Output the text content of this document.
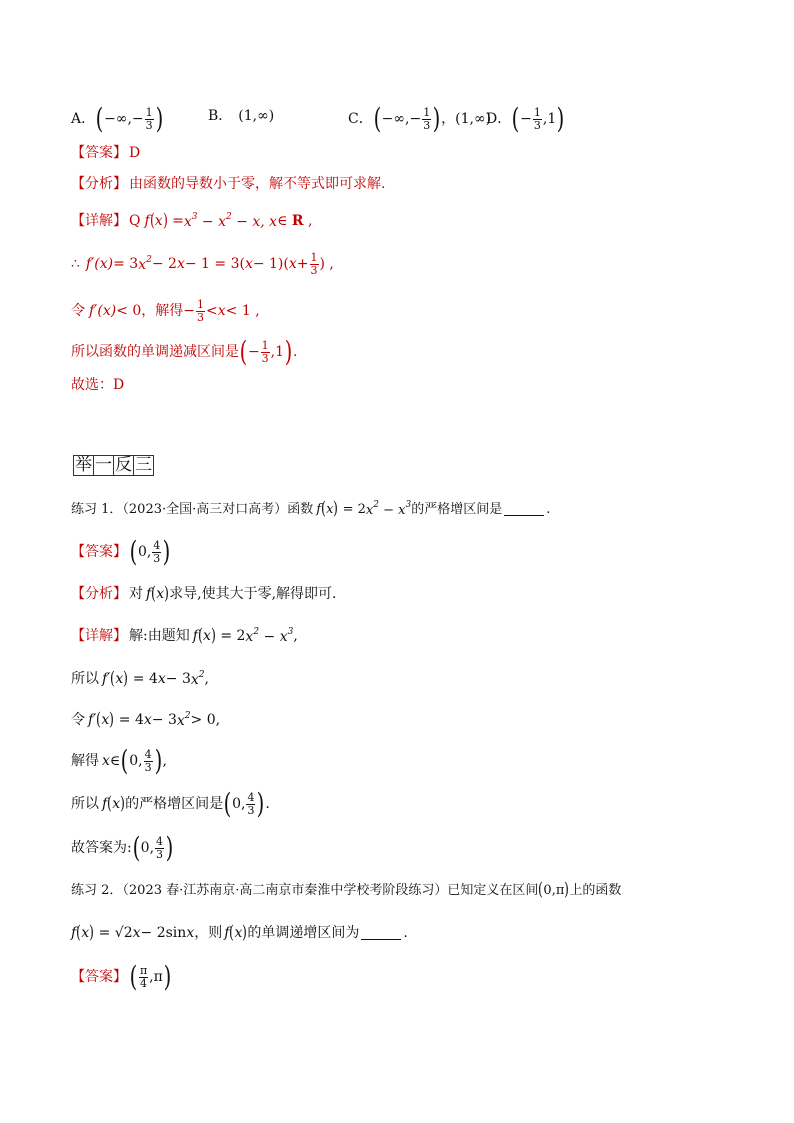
A． ( −∞,− $\frac{1}{3}$ )	B． (1,∞)	C． ( −∞,− $\frac{1}{3}$ ) ， (1,∞)
D． ( − $\frac{1}{3} ,1$ )
【答案】 D
【分析】 由函数的导数小于零，解不等式即可求解.
【详解】 Q f ( x ) = $x^3 - x^2 - x$, x ∈ R ,
∴ f′(x) = 3 $x^2 - 2$ x − 1 = 3( x − 1)( $x + \frac{1}{3}$ ) ,
令 f′(x) < 0 ，解得 − $\frac{1}{3} < x < 1$ ,
所以函数的单调递减区间是 ( − $\frac{1}{3} ,1$ ) .
故选：D
举 一 反 三
练习 1．（2023·全国·高三对口高考）函数 f ( x ) = 2 $x^2 - x^3$ 的严格增区间是	.
【答案】 ( 0, $\frac{4}{3}$ )
【分析】 对 f ( x ) 求导,使其大于零,解得即可.
【详解】 解:由题知 f ( x ) = 2 $x^2 - x^3$ ,
所以 f′ ( x ) = 4 x − 3 $x^2$ ,
令 f′ ( x ) = 4 x − 3 $x^2 > 0$,
解得 x ∈ ( 0, $\frac{4}{3}$ ) ,
所以 f ( x ) 的严格增区间是 ( 0, $\frac{4}{3}$ ) .
故答案为: ( 0, $\frac{4}{3}$ )
练习 2．（2023 春·江苏南京·高二南京市秦淮中学校考阶段练习）已知定义在区间 ( 0,π ) 上的函数
f ( x ) = √2 x − 2sin x ，则 f ( x ) 的单调递增区间为	.
【答案】 ( $\frac{\pi}{4} ,\pi$ )
